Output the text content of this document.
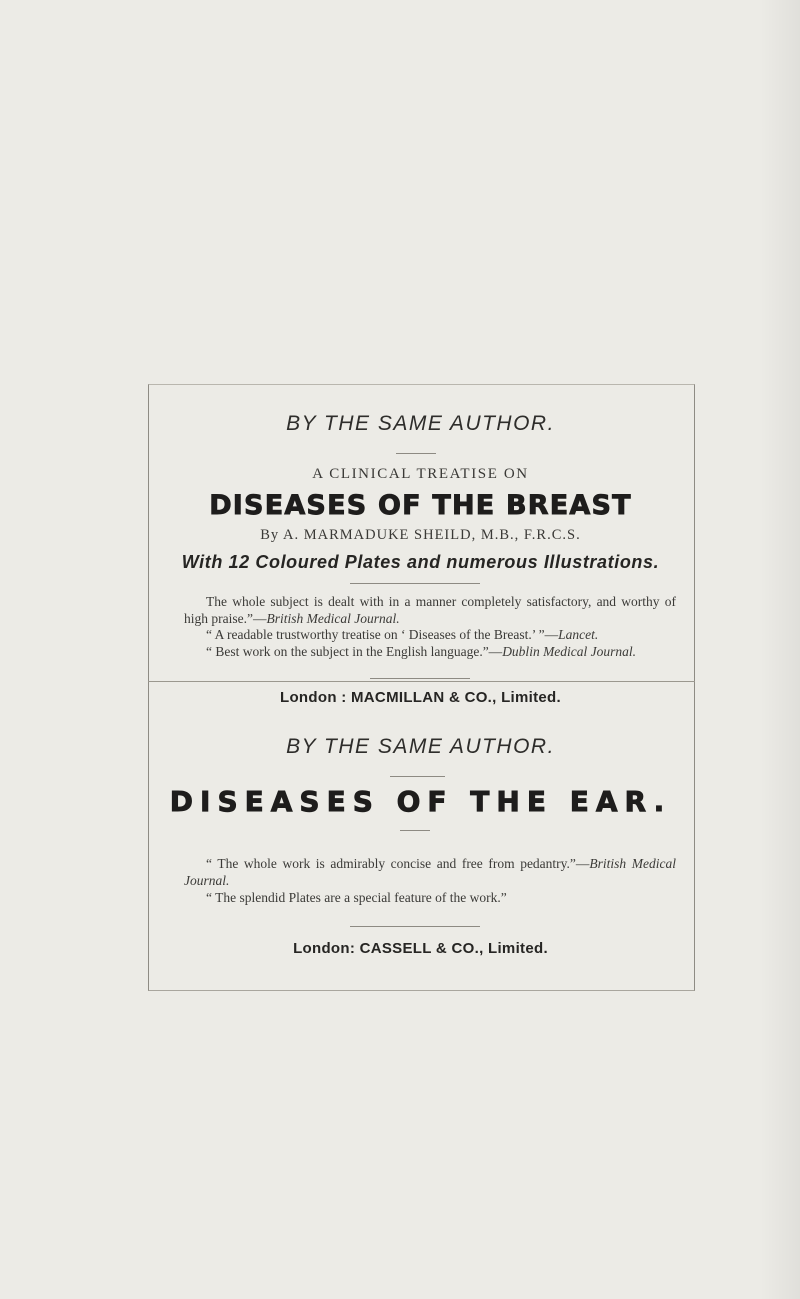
BY THE SAME AUTHOR.
A CLINICAL TREATISE ON
DISEASES OF THE BREAST
By A. MARMADUKE SHEILD, M.B., F.R.C.S.
With 12 Coloured Plates and numerous Illustrations.
The whole subject is dealt with in a manner completely satisfactory, and worthy of high praise.”—British Medical Journal.
“ A readable trustworthy treatise on ‘ Diseases of the Breast.’ ”—Lancet.
“ Best work on the subject in the English language.”—Dublin Medical Journal.
London : MACMILLAN & CO., Limited.
BY THE SAME AUTHOR.
DISEASES OF THE EAR.
“ The whole work is admirably concise and free from pedantry.”—British Medical Journal.
“ The splendid Plates are a special feature of the work.”
London: CASSELL & CO., Limited.
